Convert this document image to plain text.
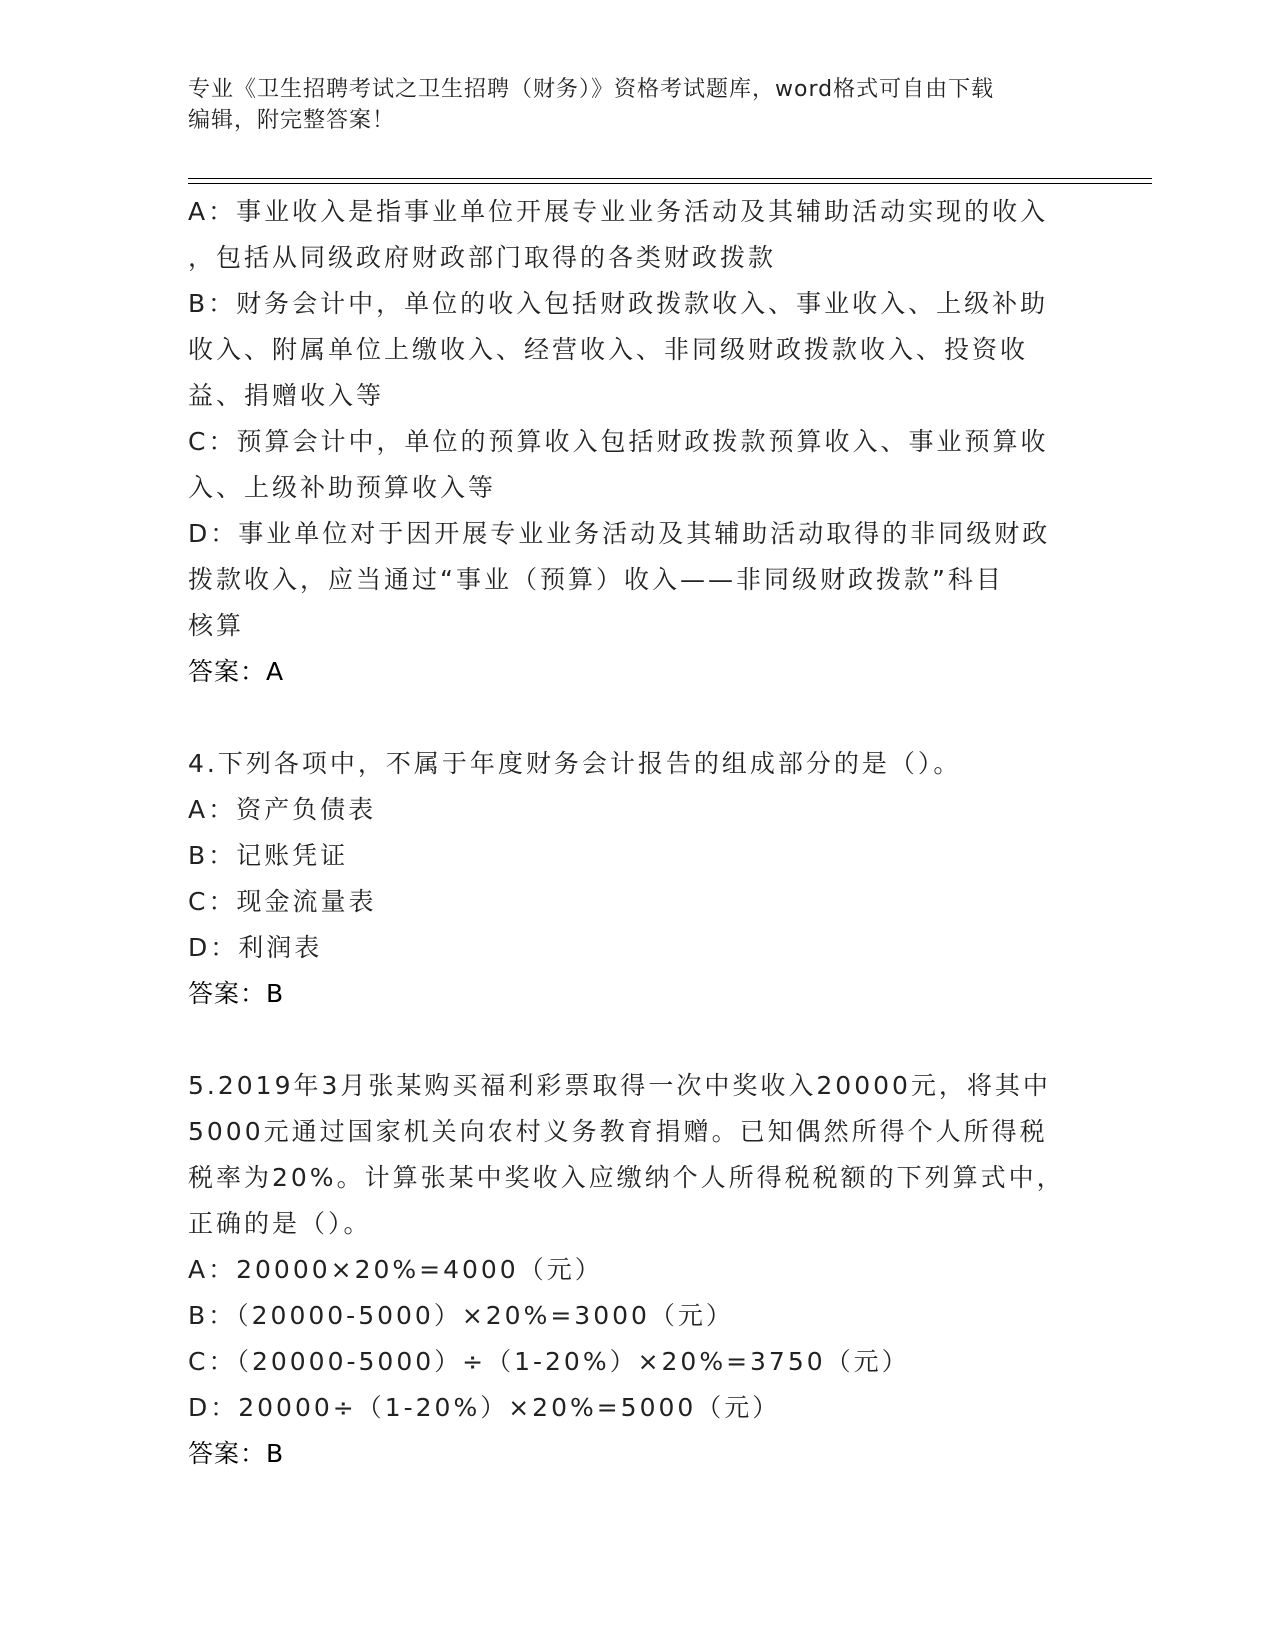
专业《卫生招聘考试之卫生招聘（财务）》资格考试题库，word格式可自由下载
编辑，附完整答案！

A：事业收入是指事业单位开展专业业务活动及其辅助活动实现的收入

，包括从同级政府财政部门取得的各类财政拨款

B：财务会计中，单位的收入包括财政拨款收入、事业收入、上级补助

收入、附属单位上缴收入、经营收入、非同级财政拨款收入、投资收

益、捐赠收入等

C：预算会计中，单位的预算收入包括财政拨款预算收入、事业预算收

入、上级补助预算收入等

D：事业单位对于因开展专业业务活动及其辅助活动取得的非同级财政

拨款收入，应当通过“事业（预算）收入——非同级财政拨款”科目

核算

答案：A

4.下列各项中，不属于年度财务会计报告的组成部分的是（）。

A：资产负债表

B：记账凭证

C：现金流量表

D：利润表

答案：B

5.2019年3月张某购买福利彩票取得一次中奖收入20000元，将其中

5000元通过国家机关向农村义务教育捐赠。已知偶然所得个人所得税

税率为20%。计算张某中奖收入应缴纳个人所得税税额的下列算式中，

正确的是（）。

A：20000×20%=4000（元）

B：（20000-5000）×20%=3000（元）

C：（20000-5000）÷（1-20%）×20%=3750（元）

D：20000÷（1-20%）×20%=5000（元）

答案：B
